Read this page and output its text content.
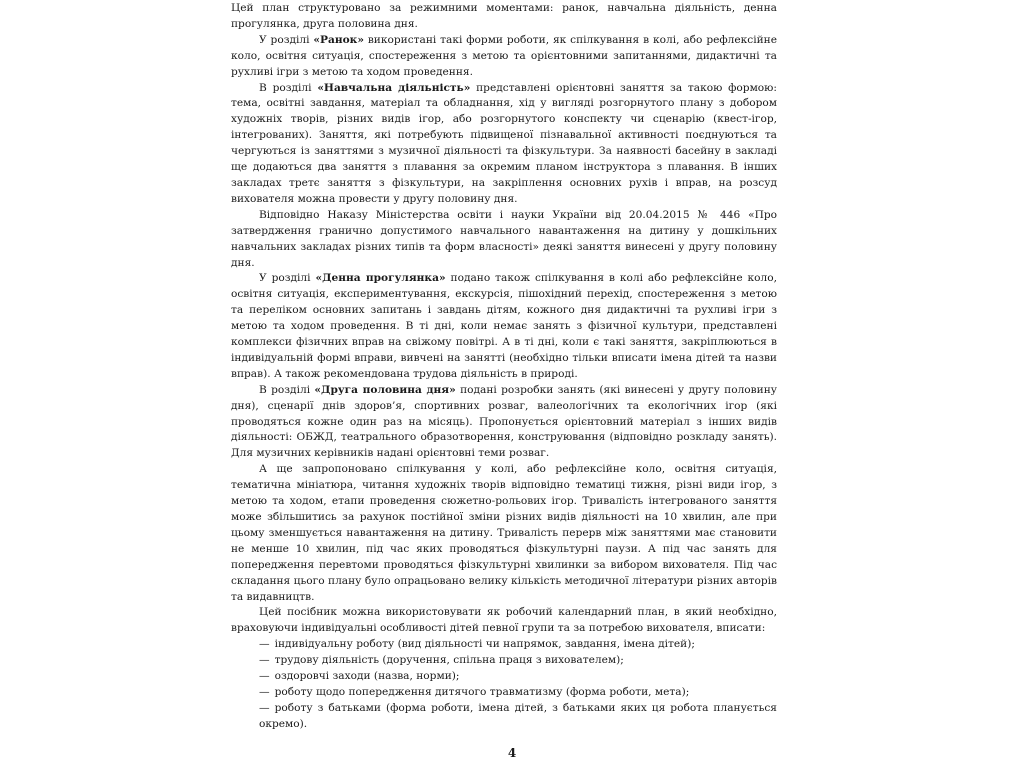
Цей план структуровано за режимними моментами: ранок, навчальна діяльність, денна прогулянка, друга половина дня.

У розділі «Ранок» використані такі форми роботи, як спілкування в колі, або рефлексійне коло, освітня ситуація, спостереження з метою та орієнтовними запитаннями, дидактичні та рухливі ігри з метою та ходом проведення.

В розділі «Навчальна діяльність» представлені орієнтовні заняття за такою формою: тема, освітні завдання, матеріал та обладнання, хід у вигляді розгорнутого плану з добором художніх творів, різних видів ігор, або розгорнутого конспекту чи сценарію (квест-ігор, інтегрованих). Заняття, які потребують підвищеної пізнавальної активності поєднуються та чергуються із заняттями з музичної діяльності та фізкультури. За наявності басейну в закладі ще додаються два заняття з плавання за окремим планом інструктора з плавання. В інших закладах третє заняття з фізкультури, на закріплення основних рухів і вправ, на розсуд вихователя можна провести у другу половину дня.

Відповідно Наказу Міністерства освіти і науки України від 20.04.2015 № 446 «Про затвердження гранично допустимого навчального навантаження на дитину у дошкільних навчальних закладах різних типів та форм власності» деякі заняття винесені у другу половину дня.

У розділі «Денна прогулянка» подано також спілкування в колі або рефлексійне коло, освітня ситуація, експериментування, екскурсія, пішохідний перехід, спостереження з метою та переліком основних запитань і завдань дітям, кожного дня дидактичні та рухливі ігри з метою та ходом проведення. В ті дні, коли немає занять з фізичної культури, представлені комплекси фізичних вправ на свіжому повітрі. А в ті дні, коли є такі заняття, закріплюються в індивідуальній формі вправи, вивчені на занятті (необхідно тільки вписати імена дітей та назви вправ). А також рекомендована трудова діяльність в природі.

В розділі «Друга половина дня» подані розробки занять (які винесені у другу половину дня), сценарії днів здоров’я, спортивних розваг, валеологічних та екологічних ігор (які проводяться кожне один раз на місяць). Пропонується орієнтовний матеріал з інших видів діяльності: ОБЖД, театрального образотворення, конструювання (відповідно розкладу занять). Для музичних керівників надані орієнтовні теми розваг.

А ще запропоновано спілкування у колі, або рефлексійне коло, освітня ситуація, тематична мініатюра, читання художніх творів відповідно тематиці тижня, різні види ігор, з метою та ходом, етапи проведення сюжетно-рольових ігор. Тривалість інтегрованого заняття може збільшитись за рахунок постійної зміни різних видів діяльності на 10 хвилин, але при цьому зменшується навантаження на дитину. Тривалість перерв між заняттями має становити не менше 10 хвилин, під час яких проводяться фізкультурні паузи. А під час занять для попередження перевтоми проводяться фізкультурні хвилинки за вибором вихователя. Під час складання цього плану було опрацьовано велику кількість методичної літератури різних авторів та видавництв.

Цей посібник можна використовувати як робочий календарний план, в який необхідно, враховуючи індивідуальні особливості дітей певної групи та за потребою вихователя, вписати:

— індивідуальну роботу (вид діяльності чи напрямок, завдання, імена дітей);
— трудову діяльність (доручення, спільна праця з вихователем);
— оздоровчі заходи (назва, норми);
— роботу щодо попередження дитячого травматизму (форма роботи, мета);
— роботу з батьками (форма роботи, імена дітей, з батьками яких ця робота планується окремо).
4
